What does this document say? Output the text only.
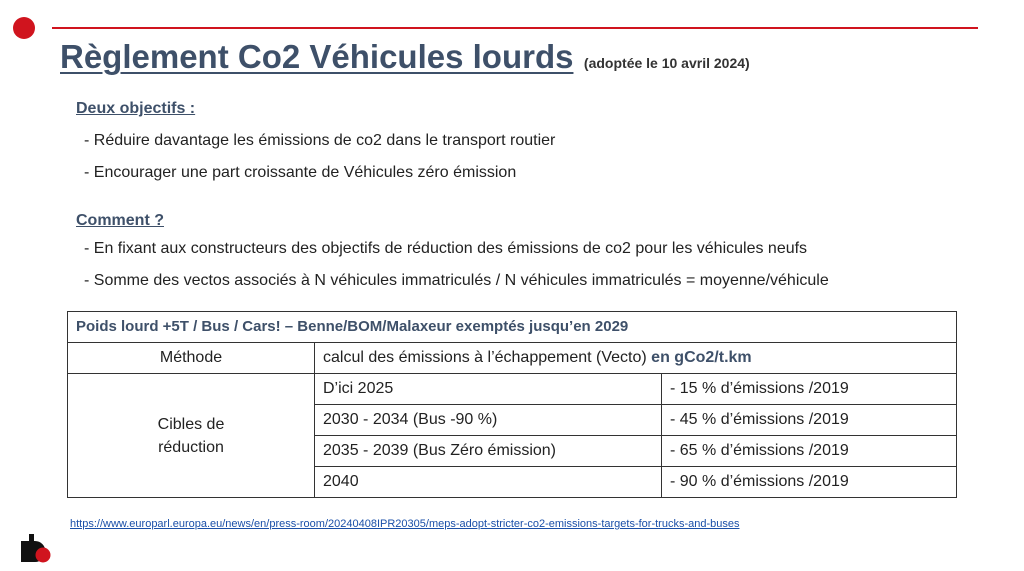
Règlement Co2 Véhicules lourds (adoptée le 10 avril 2024)
Deux objectifs :
- Réduire davantage les émissions de co2 dans le transport routier
- Encourager une part croissante de Véhicules zéro émission
Comment ?
- En fixant aux constructeurs des objectifs de réduction des émissions de co2 pour les véhicules neufs
- Somme des vectos associés à N véhicules immatriculés / N véhicules immatriculés = moyenne/véhicule
Poids lourd +5T / Bus / Cars! – Benne/BOM/Malaxeur exemptés jusqu’en 2029		
Méthode	calcul des émissions à l’échappement (Vecto) en gCo2/t.km	
Cibles de
réduction	D’ici 2025	- 15 % d’émissions /2019
	2030 - 2034 (Bus -90 %)	- 45 % d’émissions /2019
	2035 - 2039 (Bus Zéro émission)	- 65 % d’émissions /2019
	2040	- 90 % d’émissions /2019
https://www.europarl.europa.eu/news/en/press-room/20240408IPR20305/meps-adopt-stricter-co2-emissions-targets-for-trucks-and-buses
